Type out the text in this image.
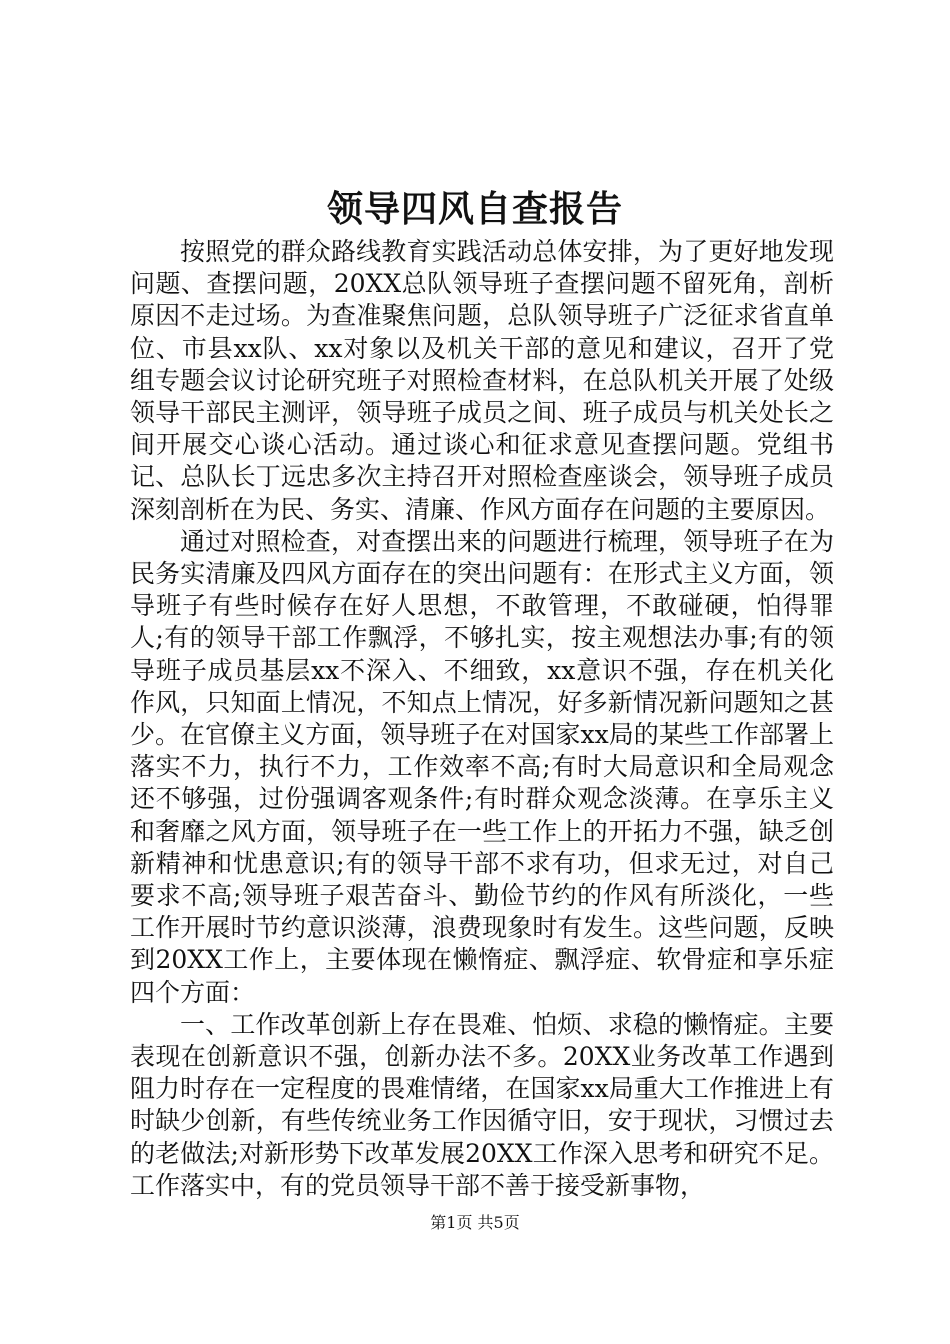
领导四风自查报告

按照党的群众路线教育实践活动总体安排，为了更好地发现问题、查摆问题，20XX总队领导班子查摆问题不留死角，剖析原因不走过场。为查准聚焦问题，总队领导班子广泛征求省直单位、市县xx队、xx对象以及机关干部的意见和建议，召开了党组专题会议讨论研究班子对照检查材料，在总队机关开展了处级领导干部民主测评，领导班子成员之间、班子成员与机关处长之间开展交心谈心活动。通过谈心和征求意见查摆问题。党组书记、总队长丁远忠多次主持召开对照检查座谈会，领导班子成员深刻剖析在为民、务实、清廉、作风方面存在问题的主要原因。

通过对照检查，对查摆出来的问题进行梳理，领导班子在为民务实清廉及四风方面存在的突出问题有：在形式主义方面，领导班子有些时候存在好人思想，不敢管理，不敢碰硬，怕得罪人;有的领导干部工作飘浮，不够扎实，按主观想法办事;有的领导班子成员基层xx不深入、不细致，xx意识不强，存在机关化作风，只知面上情况，不知点上情况，好多新情况新问题知之甚少。在官僚主义方面，领导班子在对国家xx局的某些工作部署上落实不力，执行不力，工作效率不高;有时大局意识和全局观念还不够强，过份强调客观条件;有时群众观念淡薄。在享乐主义和奢靡之风方面，领导班子在一些工作上的开拓力不强，缺乏创新精神和忧患意识;有的领导干部不求有功，但求无过，对自己要求不高;领导班子艰苦奋斗、勤俭节约的作风有所淡化，一些工作开展时节约意识淡薄，浪费现象时有发生。这些问题，反映到20XX工作上，主要体现在懒惰症、飘浮症、软骨症和享乐症四个方面：

一、工作改革创新上存在畏难、怕烦、求稳的懒惰症。主要表现在创新意识不强，创新办法不多。20XX业务改革工作遇到阻力时存在一定程度的畏难情绪，在国家xx局重大工作推进上有时缺少创新，有些传统业务工作因循守旧，安于现状，习惯过去的老做法;对新形势下改革发展20XX工作深入思考和研究不足。工作落实中，有的党员领导干部不善于接受新事物，

第1页 共5页
